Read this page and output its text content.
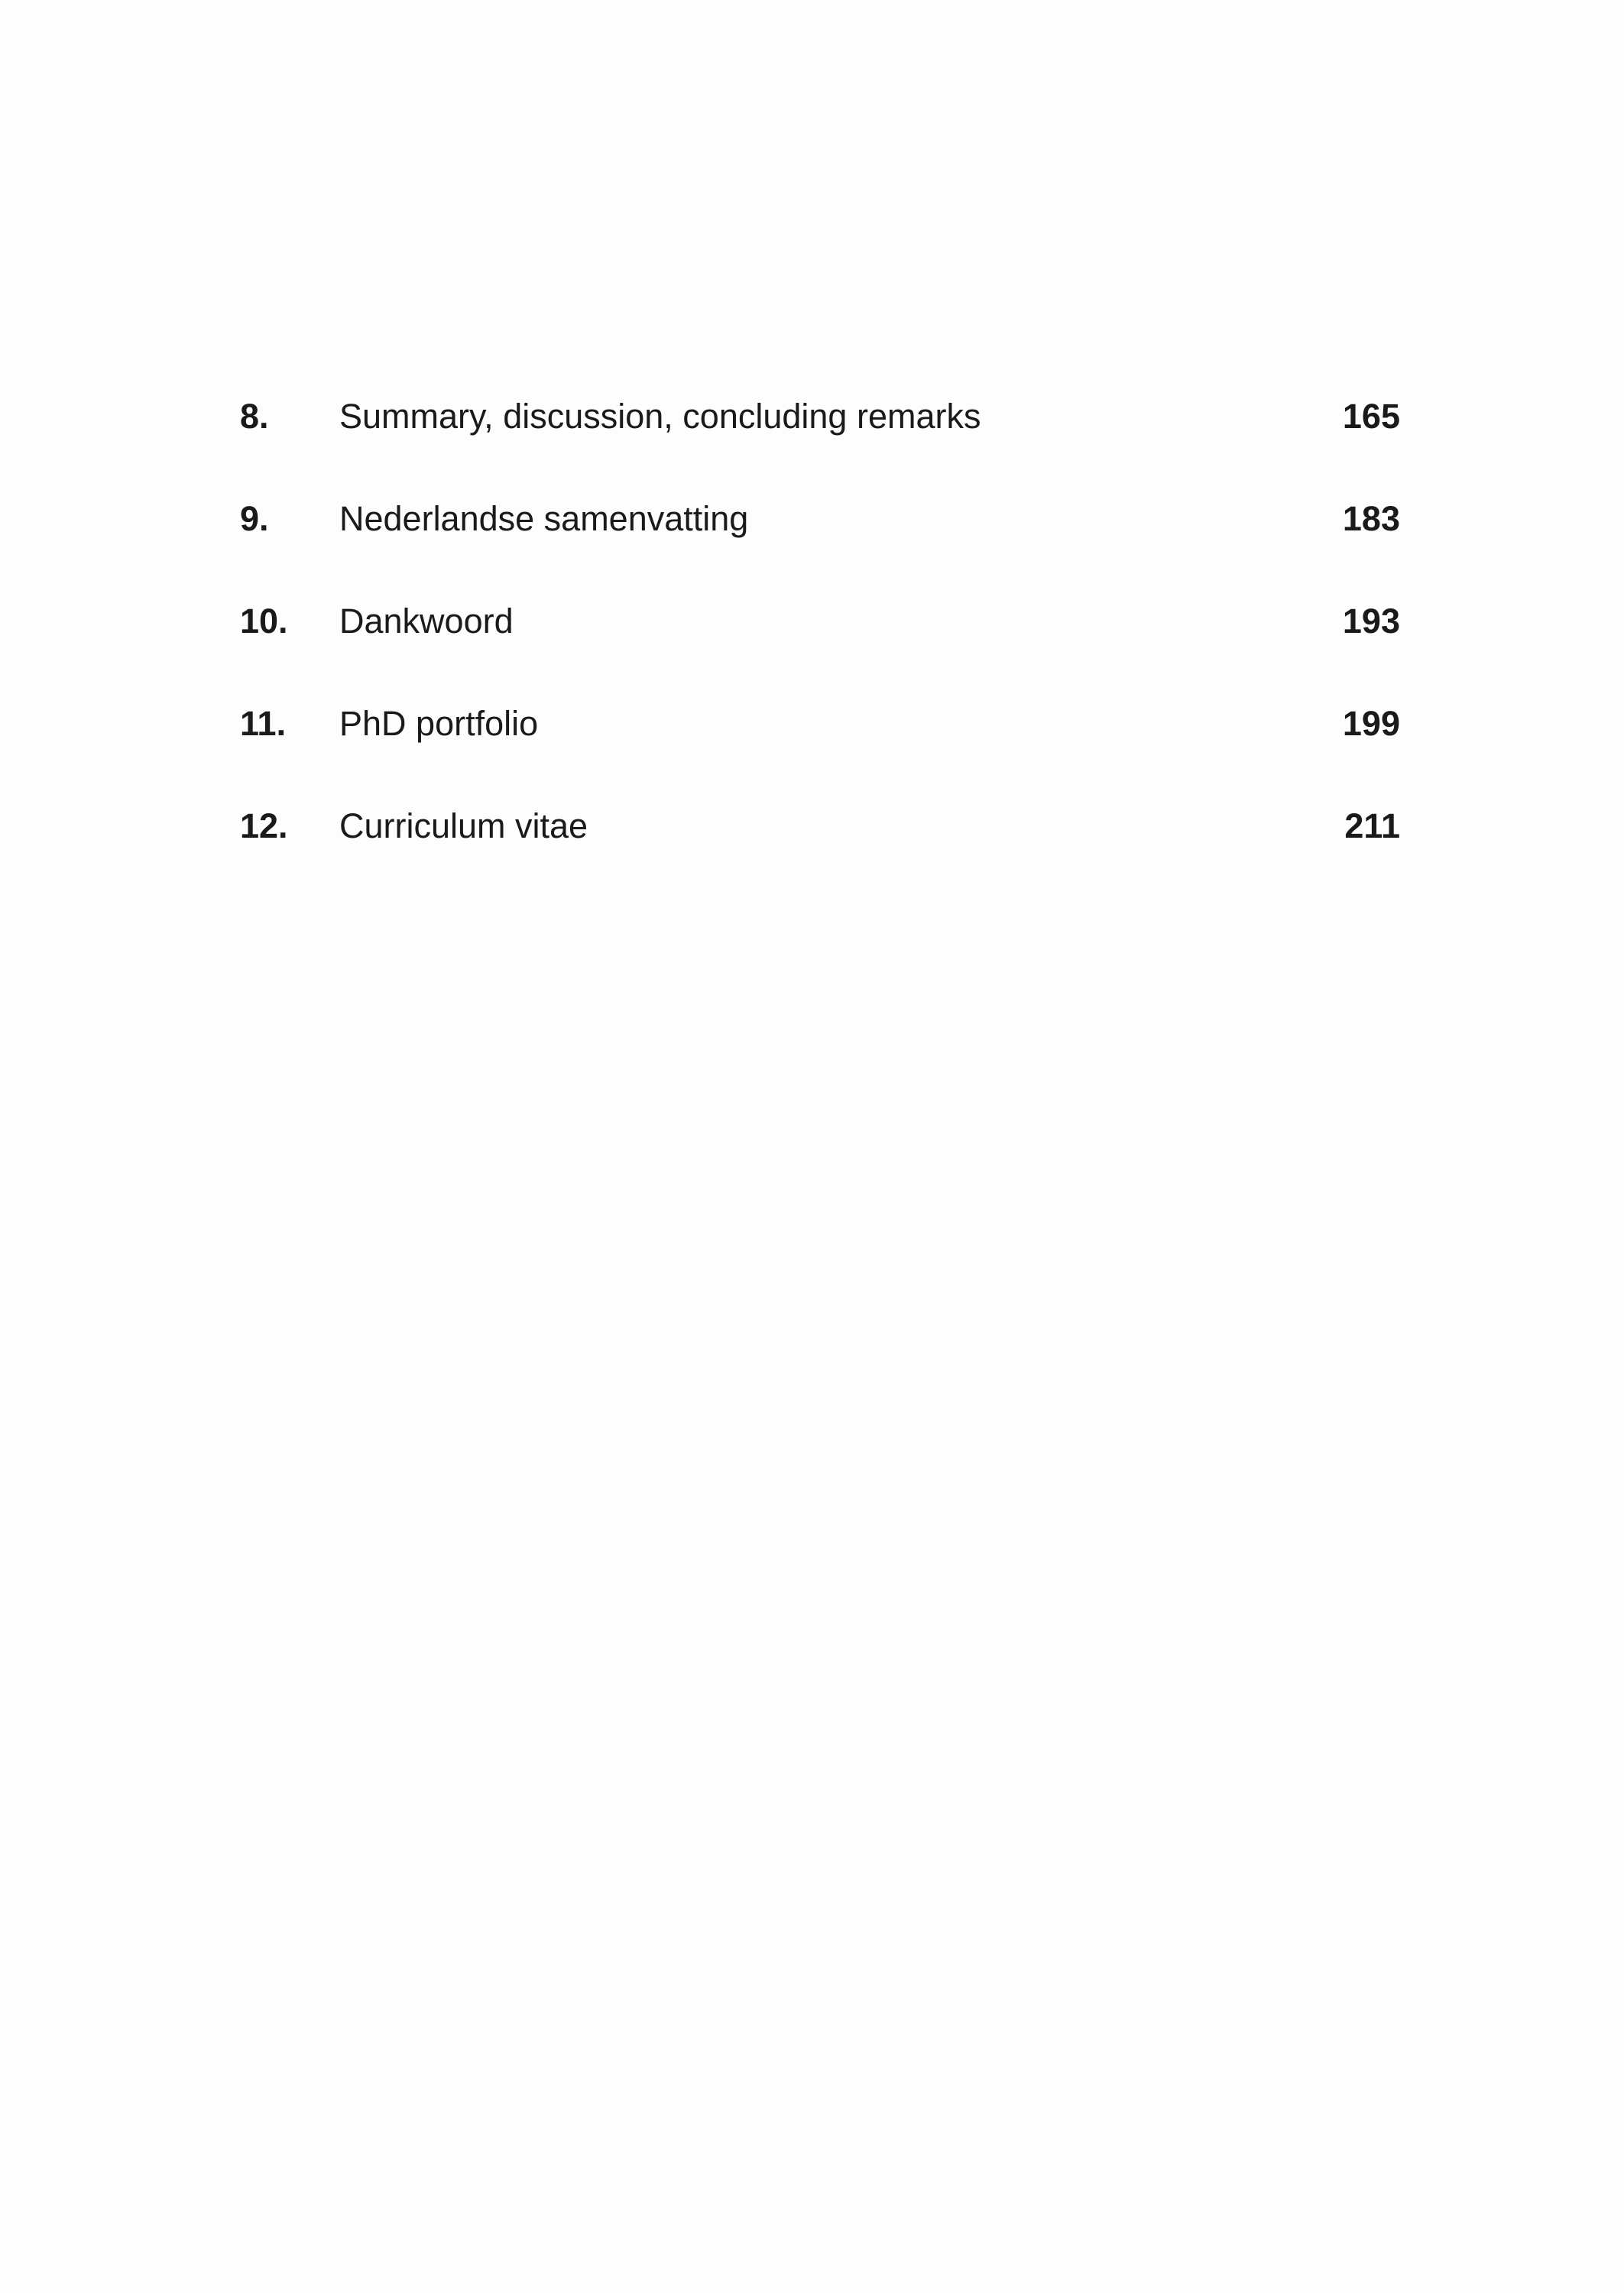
8. Summary, discussion, concluding remarks	165
9. Nederlandse samenvatting	183
10. Dankwoord	193
11. PhD portfolio	199
12. Curriculum vitae	211
